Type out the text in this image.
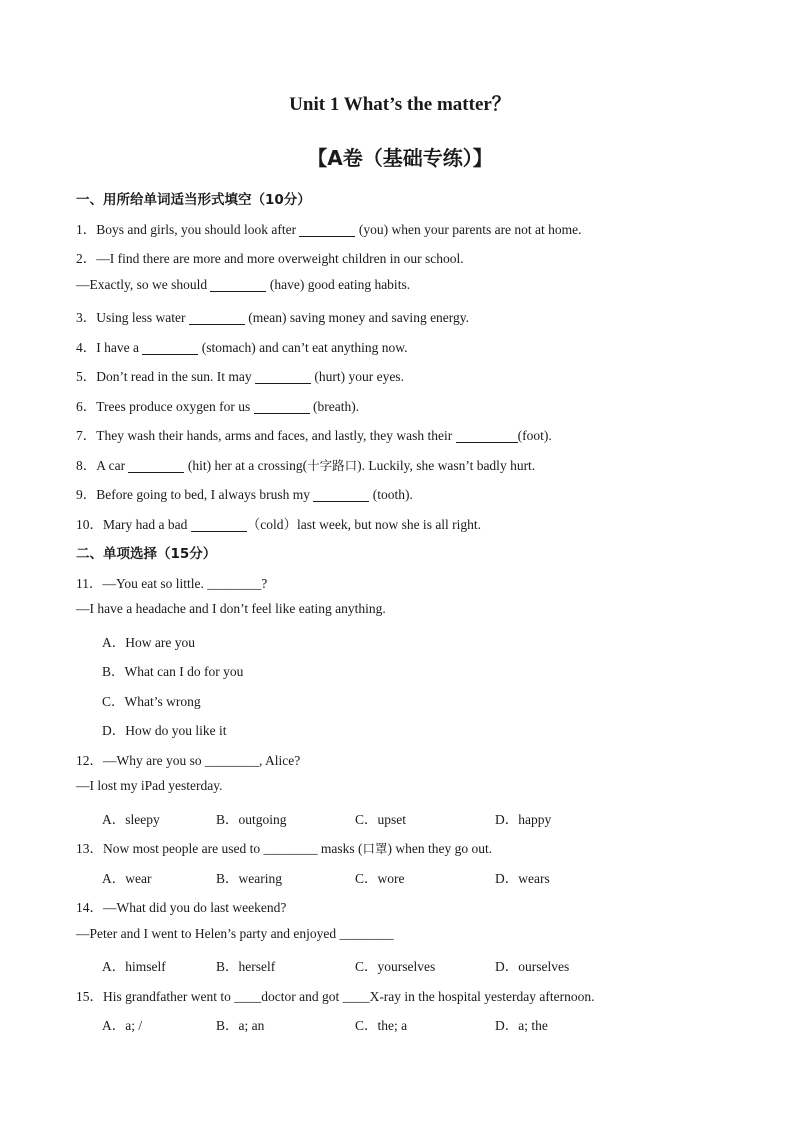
Unit 1 What’s the matter？
【A卷（基础专练）】
一、用所给单词适当形式填空（10分）
1．Boys and girls, you should look after	(you) when your parents are not at home.
2．—I find there are more and more overweight children in our school.
—Exactly, so we should	(have) good eating habits.
3．Using less water	(mean) saving money and saving energy.
4．I have a	(stomach) and can’t eat anything now.
5．Don’t read in the sun. It may	(hurt) your eyes.
6．Trees produce oxygen for us	(breath).
7．They wash their hands, arms and faces, and lastly, they wash their	(foot).
8．A car	(hit) her at a crossing(十字路口). Luckily, she wasn’t badly hurt.
9．Before going to bed, I always brush my	(tooth).
10．Mary had a bad	（cold）last week, but now she is all right.
二、单项选择（15分）
11．—You eat so little. ________?
—I have a headache and I don’t feel like eating anything.
A．How are you
B．What can I do for you
C．What’s wrong
D．How do you like it
12．—Why are you so ________, Alice?
—I lost my iPad yesterday.
A．sleepy	B．outgoing	C．upset	D．happy
13．Now most people are used to ________ masks (口罩) when they go out.
A．wear	B．wearing	C．wore	D．wears
14．—What did you do last weekend?
—Peter and I went to Helen’s party and enjoyed ________
A．himself	B．herself	C．yourselves	D．ourselves
15．His grandfather went to ____doctor and got ____X-ray in the hospital yesterday afternoon.
A．a; /	B．a; an	C．the; a	D．a; the
